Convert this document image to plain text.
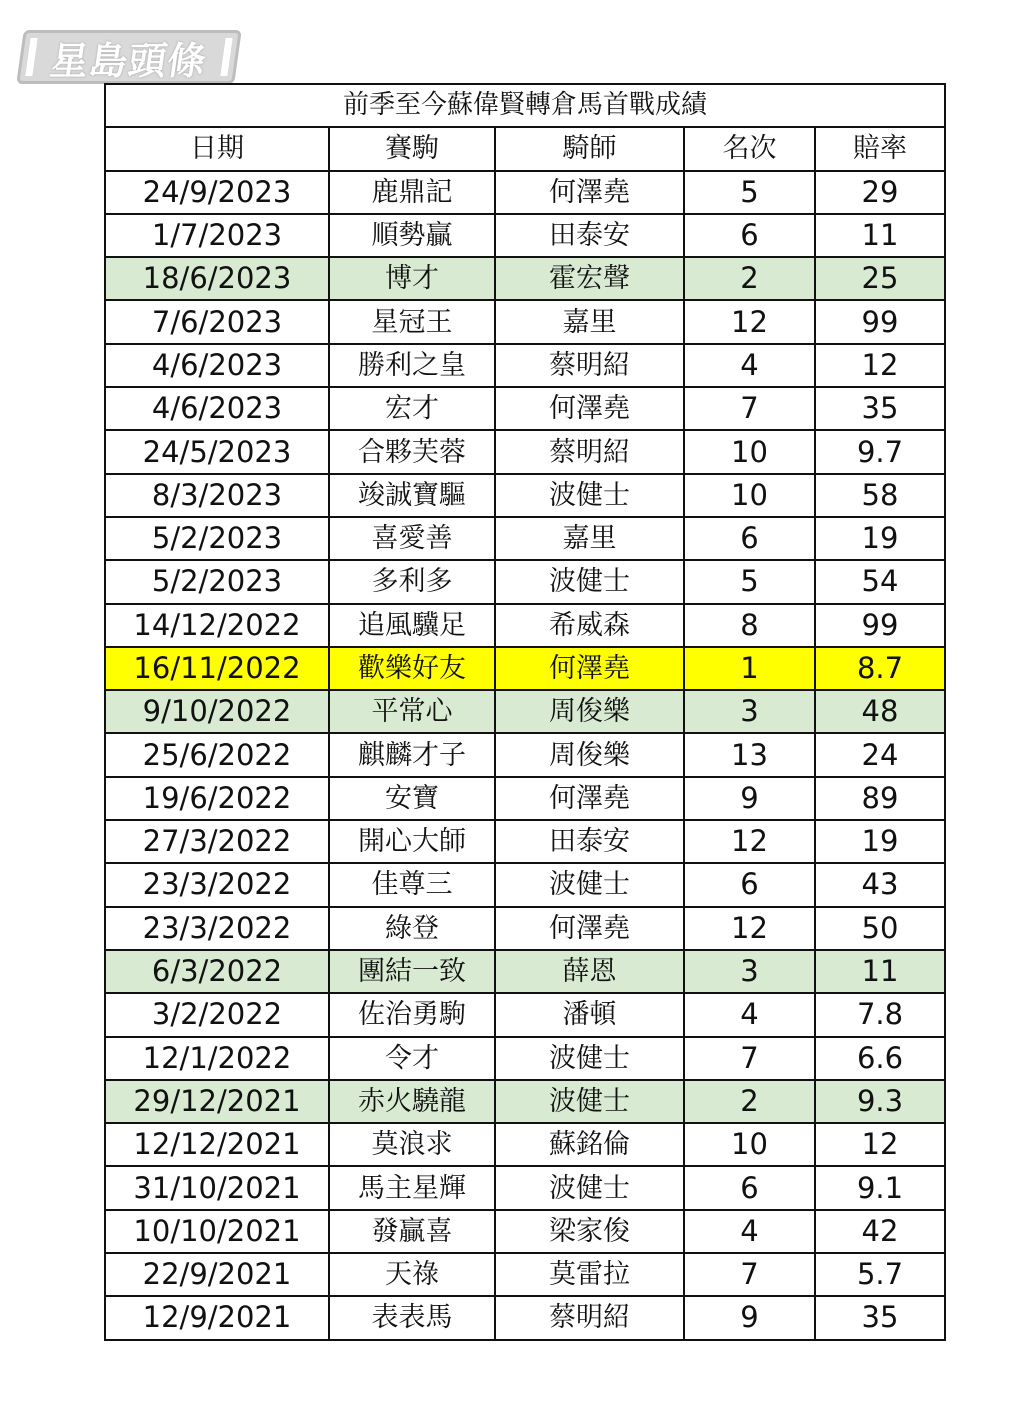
星島頭條
前季至今蘇偉賢轉倉馬首戰成績				
日期	賽駒	騎師	名次	賠率
24/9/2023	鹿鼎記	何澤堯	5	29
1/7/2023	順勢贏	田泰安	6	11
18/6/2023	博才	霍宏聲	2	25
7/6/2023	星冠王	嘉里	12	99
4/6/2023	勝利之皇	蔡明紹	4	12
4/6/2023	宏才	何澤堯	7	35
24/5/2023	合夥芙蓉	蔡明紹	10	9.7
8/3/2023	竣誠寶驅	波健士	10	58
5/2/2023	喜愛善	嘉里	6	19
5/2/2023	多利多	波健士	5	54
14/12/2022	追風驥足	希威森	8	99
16/11/2022	歡樂好友	何澤堯	1	8.7
9/10/2022	平常心	周俊樂	3	48
25/6/2022	麒麟才子	周俊樂	13	24
19/6/2022	安寶	何澤堯	9	89
27/3/2022	開心大師	田泰安	12	19
23/3/2022	佳尊三	波健士	6	43
23/3/2022	綠登	何澤堯	12	50
6/3/2022	團結一致	薛恩	3	11
3/2/2022	佐治勇駒	潘頓	4	7.8
12/1/2022	令才	波健士	7	6.6
29/12/2021	赤火驍龍	波健士	2	9.3
12/12/2021	莫浪求	蘇銘倫	10	12
31/10/2021	馬主星輝	波健士	6	9.1
10/10/2021	發贏喜	梁家俊	4	42
22/9/2021	天祿	莫雷拉	7	5.7
12/9/2021	表表馬	蔡明紹	9	35
